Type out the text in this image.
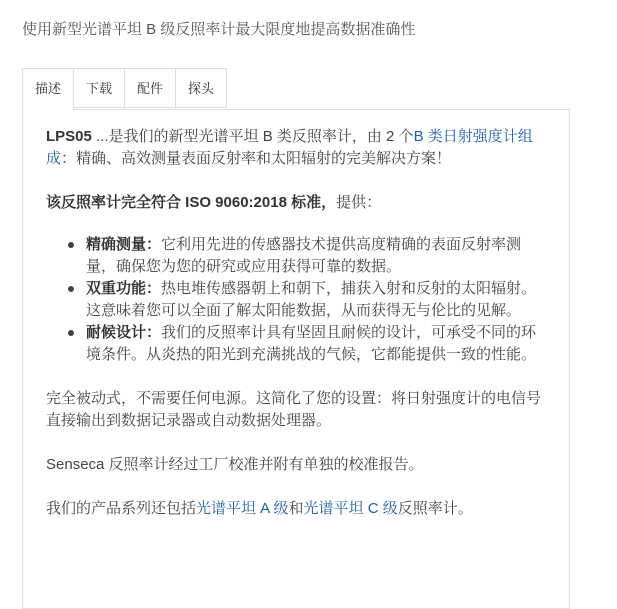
使用新型光谱平坦 B 级反照率计最大限度地提高数据准确性
描述	下载	配件	探头

LPS05 ...是我们的新型光谱平坦 B 类反照率计，由 2 个B 类日射强度计组成：精确、高效测量表面反射率和太阳辐射的完美解决方案！

该反照率计完全符合 ISO 9060:2018 标准，提供：

精确测量：它利用先进的传感器技术提供高度精确的表面反射率测量，确保您为您的研究或应用获得可靠的数据。
双重功能：热电堆传感器朝上和朝下，捕获入射和反射的太阳辐射。这意味着您可以全面了解太阳能数据，从而获得无与伦比的见解。
耐候设计：我们的反照率计具有坚固且耐候的设计，可承受不同的环境条件。从炎热的阳光到充满挑战的气候，它都能提供一致的性能。

完全被动式，不需要任何电源。这简化了您的设置：将日射强度计的电信号直接输出到数据记录器或自动数据处理器。

Senseca 反照率计经过工厂校准并附有单独的校准报告。

我们的产品系列还包括光谱平坦 A 级和光谱平坦 C 级反照率计。
